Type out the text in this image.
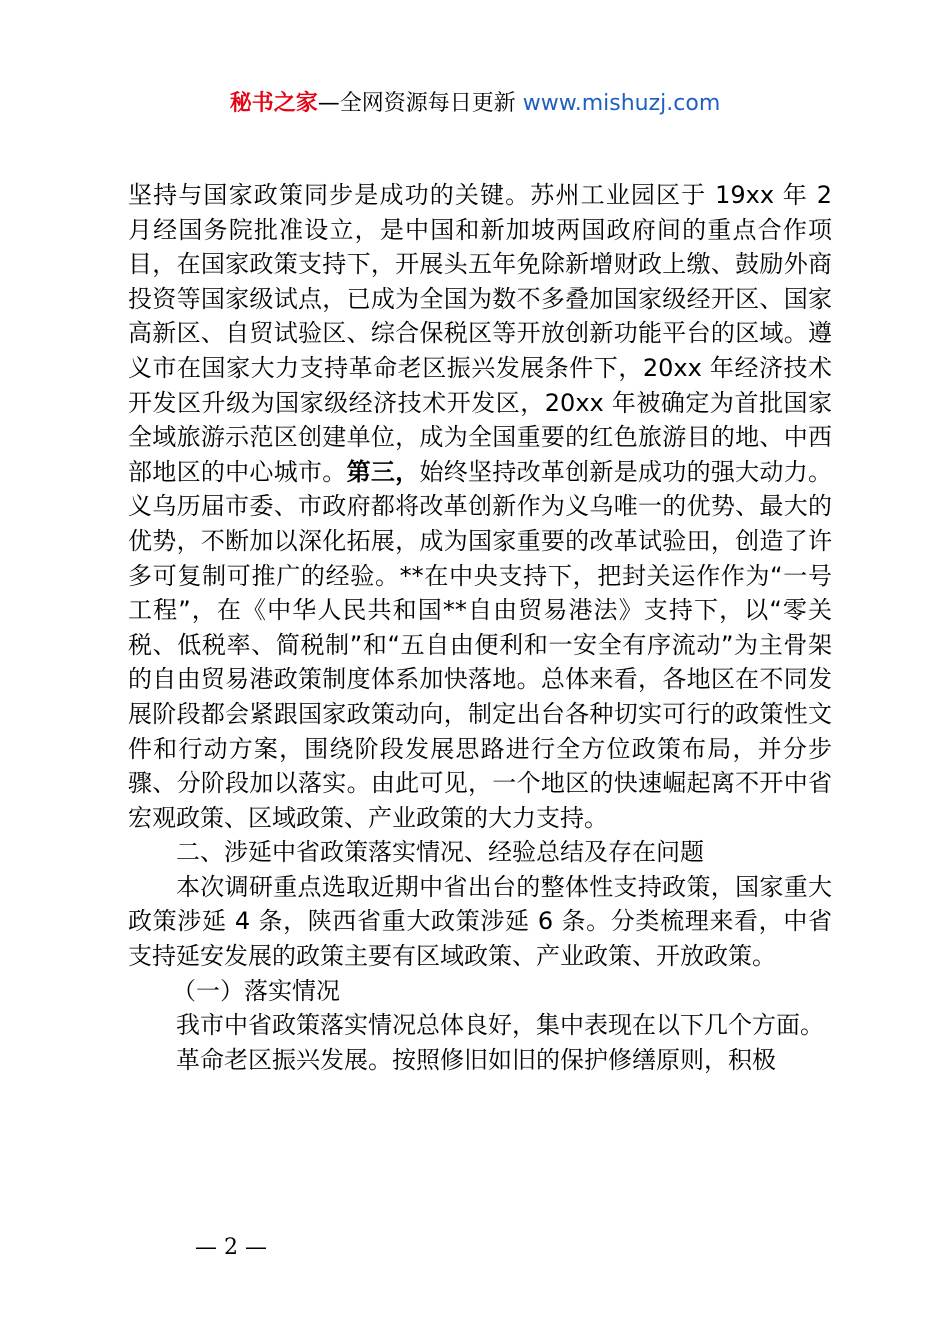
秘书之家—全网资源每日更新 www.mishuzj.com

坚持与国家政策同步是成功的关键。苏州工业园区于 19xx 年 2 月经国务院批准设立，是中国和新加坡两国政府间的重点合作项目，在国家政策支持下，开展头五年免除新增财政上缴、鼓励外商投资等国家级试点，已成为全国为数不多叠加国家级经开区、国家高新区、自贸试验区、综合保税区等开放创新功能平台的区域。遵义市在国家大力支持革命老区振兴发展条件下，20xx 年经济技术开发区升级为国家级经济技术开发区，20xx 年被确定为首批国家全域旅游示范区创建单位，成为全国重要的红色旅游目的地、中西部地区的中心城市。第三，始终坚持改革创新是成功的强大动力。义乌历届市委、市政府都将改革创新作为义乌唯一的优势、最大的优势，不断加以深化拓展，成为国家重要的改革试验田，创造了许多可复制可推广的经验。**在中央支持下，把封关运作作为“一号工程”，在《中华人民共和国**自由贸易港法》支持下，以“零关税、低税率、简税制”和“五自由便利和一安全有序流动”为主骨架的自由贸易港政策制度体系加快落地。总体来看，各地区在不同发展阶段都会紧跟国家政策动向，制定出台各种切实可行的政策性文件和行动方案，围绕阶段发展思路进行全方位政策布局，并分步骤、分阶段加以落实。由此可见，一个地区的快速崛起离不开中省宏观政策、区域政策、产业政策的大力支持。

二、涉延中省政策落实情况、经验总结及存在问题

本次调研重点选取近期中省出台的整体性支持政策，国家重大政策涉延 4 条，陕西省重大政策涉延 6 条。分类梳理来看，中省支持延安发展的政策主要有区域政策、产业政策、开放政策。

（一）落实情况

我市中省政策落实情况总体良好，集中表现在以下几个方面。

革命老区振兴发展。按照修旧如旧的保护修缮原则，积极

— 2 —
